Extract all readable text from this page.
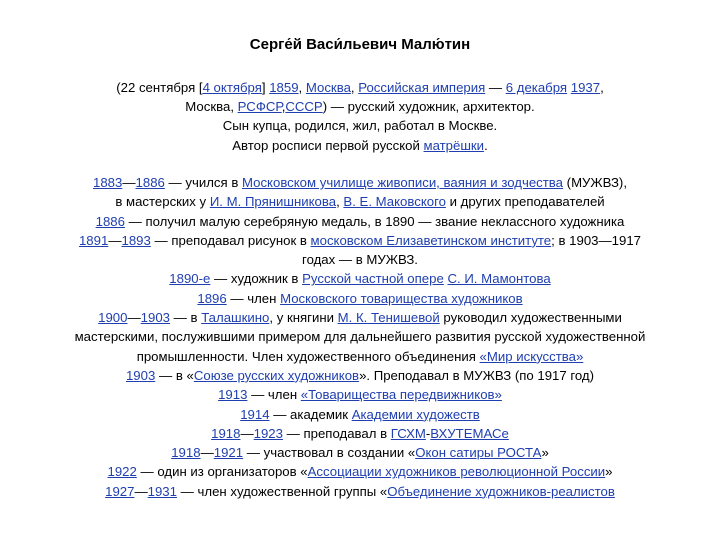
Серге́й Васи́льевич Малю́тин
(22 сентября [4 октября] 1859, Москва, Российская империя — 6 декабря 1937,
Москва, РСФСР,СССР) — русский художник, архитектор.
Сын купца, родился, жил, работал в Москве.
Автор росписи первой русской матрёшки.
1883—1886 — учился в Московском училище живописи, ваяния и зодчества (МУЖВЗ),
в мастерских у И. М. Прянишникова, В. Е. Маковского и других преподавателей
1886 — получил малую серебряную медаль, в 1890 — звание неклассного художника
1891—1893 — преподавал рисунок в московском Елизаветинском институте; в 1903—1917
годах — в МУЖВЗ.
1890-е — художник в Русской частной опере С. И. Мамонтова
1896 — член Московского товарищества художников
1900—1903 — в Талашкино, у княгини М. К. Тенишевой руководил художественными
мастерскими, послужившими примером для дальнейшего развития русской художественной
промышленности. Член художественного объединения «Мир искусства»
1903 — в «Союзе русских художников». Преподавал в МУЖВЗ (по 1917 год)
1913 — член «Товарищества передвижников»
1914 — академик Академии художеств
1918—1923 — преподавал в ГСХМ-ВХУТЕМАСе
1918—1921 — участвовал в создании «Окон сатиры РОСТА»
1922 — один из организаторов «Ассоциации художников революционной России»
1927—1931 — член художественной группы «Объединение художников-реалистов
